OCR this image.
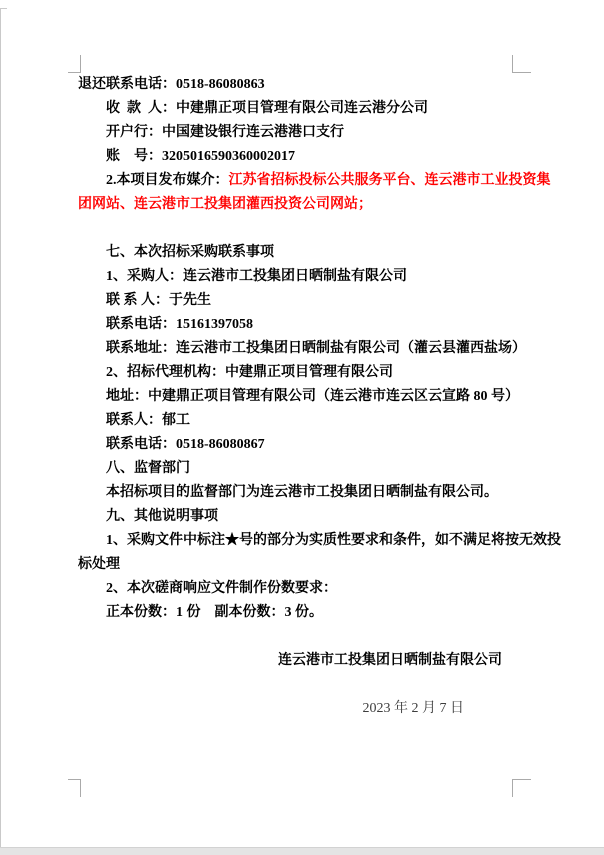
退还联系电话：0518-86080863
收  款  人：中建鼎正项目管理有限公司连云港分公司
开户行：中国建设银行连云港港口支行
账    号：3205016590360002017
2.本项目发布媒介：江苏省招标投标公共服务平台、连云港市工业投资集
团网站、连云港市工投集团灌西投资公司网站；
七、本次招标采购联系事项
1、采购人：连云港市工投集团日晒制盐有限公司
联 系 人：于先生
联系电话：15161397058
联系地址：连云港市工投集团日晒制盐有限公司（灌云县灌西盐场）
2、招标代理机构：中建鼎正项目管理有限公司
地址：中建鼎正项目管理有限公司（连云港市连云区云宣路 80 号）
联系人：郁工
联系电话：0518-86080867
八、监督部门
本招标项目的监督部门为连云港市工投集团日晒制盐有限公司。
九、其他说明事项
1、采购文件中标注★号的部分为实质性要求和条件，如不满足将按无效投
标处理
2、本次磋商响应文件制作份数要求：
正本份数：1 份    副本份数：3 份。
连云港市工投集团日晒制盐有限公司
2023 年 2 月 7 日
